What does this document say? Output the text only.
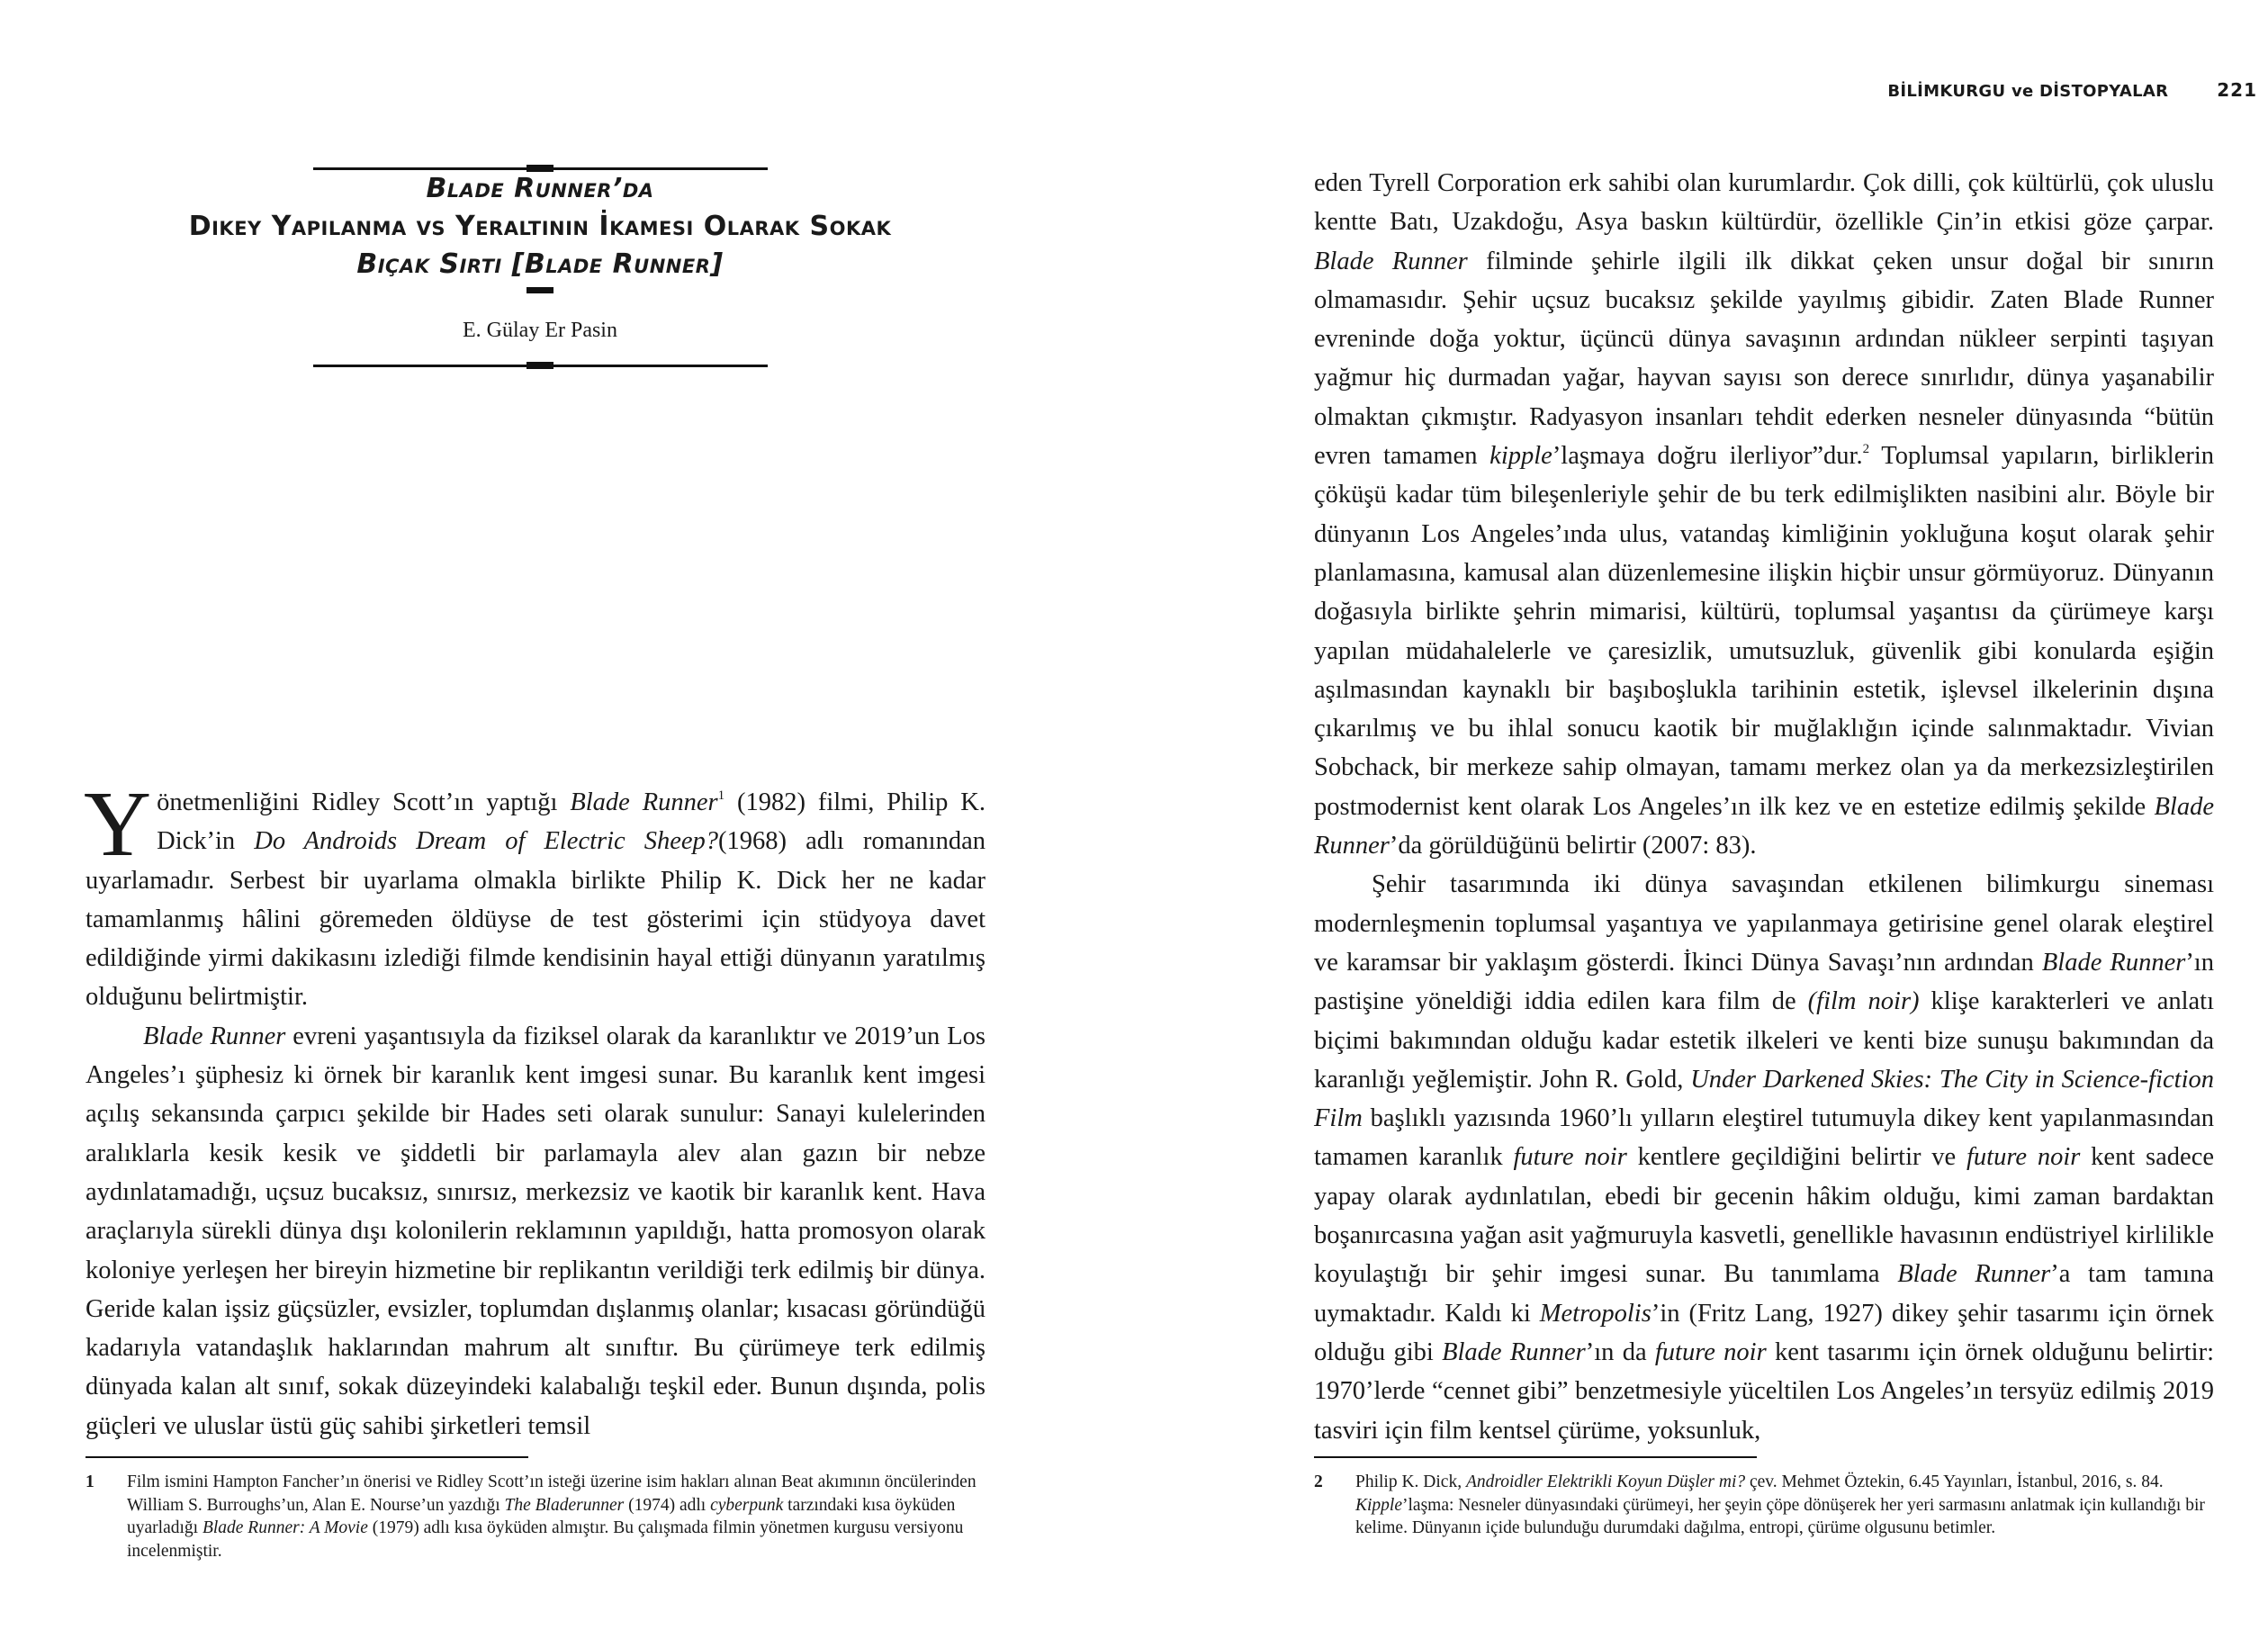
Blade Runner’da
Dikey Yapılanma vs Yeraltının İkamesi Olarak Sokak
Bıçak Sırtı [Blade Runner]
E. Gülay Er Pasin

Yönetmenliğini Ridley Scott’ın yaptığı Blade Runner$^1$ (1982) filmi, Philip K. Dick’in Do Androids Dream of Electric Sheep?(1968) adlı romanından uyarlamadır. Serbest bir uyarlama olmakla birlikte Philip K. Dick her ne kadar tamamlanmış hâlini göremeden öldüyse de test gösterimi için stüdyoya davet edildiğinde yirmi dakikasını izlediği filmde kendisinin hayal ettiği dünyanın yaratılmış olduğunu belirtmiştir.

Blade Runner evreni yaşantısıyla da fiziksel olarak da karanlıktır ve 2019’un Los Angeles’ı şüphesiz ki örnek bir karanlık kent imgesi sunar. Bu karanlık kent imgesi açılış sekansında çarpıcı şekilde bir Hades seti olarak sunulur: Sanayi kulelerinden aralıklarla kesik kesik ve şiddetli bir parlamayla alev alan gazın bir nebze aydınlatamadığı, uçsuz bucaksız, sınırsız, merkezsiz ve kaotik bir karanlık kent. Hava araçlarıyla sürekli dünya dışı kolonilerin reklamının yapıldığı, hatta promosyon olarak koloniye yerleşen her bireyin hizmetine bir replikantın verildiği terk edilmiş bir dünya. Geride kalan işsiz güçsüzler, evsizler, toplumdan dışlanmış olanlar; kısacası göründüğü kadarıyla vatandaşlık haklarından mahrum alt sınıftır. Bu çürümeye terk edilmiş dünyada kalan alt sınıf, sokak düzeyindeki kalabalığı teşkil eder. Bunun dışında, polis güçleri ve uluslar üstü güç sahibi şirketleri temsil

1	Film ismini Hampton Fancher’ın önerisi ve Ridley Scott’ın isteği üzerine isim hakları alınan Beat akımının öncülerinden William S. Burroughs’un, Alan E. Nourse’un yazdığı The Bladerunner (1974) adlı cyberpunk tarzındaki kısa öyküden uyarladığı Blade Runner: A Movie (1979) adlı kısa öyküden almıştır. Bu çalışmada filmin yönetmen kurgusu versiyonu incelenmiştir.
BİLİMKURGU ve DİSTOPYALAR	221

eden Tyrell Corporation erk sahibi olan kurumlardır. Çok dilli, çok kültürlü, çok uluslu kentte Batı, Uzakdoğu, Asya baskın kültürdür, özellikle Çin’in etkisi göze çarpar. Blade Runner filminde şehirle ilgili ilk dikkat çeken unsur doğal bir sınırın olmamasıdır. Şehir uçsuz bucaksız şekilde yayılmış gibidir. Zaten Blade Runner evreninde doğa yoktur, üçüncü dünya savaşının ardından nükleer serpinti taşıyan yağmur hiç durmadan yağar, hayvan sayısı son derece sınırlıdır, dünya yaşanabilir olmaktan çıkmıştır. Radyasyon insanları tehdit ederken nesneler dünyasında “bütün evren tamamen kipple’laşmaya doğru ilerliyor”dur.$^2$ Toplumsal yapıların, birliklerin çöküşü kadar tüm bileşenleriyle şehir de bu terk edilmişlikten nasibini alır. Böyle bir dünyanın Los Angeles’ında ulus, vatandaş kimliğinin yokluğuna koşut olarak şehir planlamasına, kamusal alan düzenlemesine ilişkin hiçbir unsur görmüyoruz. Dünyanın doğasıyla birlikte şehrin mimarisi, kültürü, toplumsal yaşantısı da çürümeye karşı yapılan müdahalelerle ve çaresizlik, umutsuzluk, güvenlik gibi konularda eşiğin aşılmasından kaynaklı bir başıboşlukla tarihinin estetik, işlevsel ilkelerinin dışına çıkarılmış ve bu ihlal sonucu kaotik bir muğlaklığın içinde salınmaktadır. Vivian Sobchack, bir merkeze sahip olmayan, tamamı merkez olan ya da merkezsizleştirilen postmodernist kent olarak Los Angeles’ın ilk kez ve en estetize edilmiş şekilde Blade Runner’da görüldüğünü belirtir (2007: 83).

Şehir tasarımında iki dünya savaşından etkilenen bilimkurgu sineması modernleşmenin toplumsal yaşantıya ve yapılanmaya getirisine genel olarak eleştirel ve karamsar bir yaklaşım gösterdi. İkinci Dünya Savaşı’nın ardından Blade Runner’ın pastişine yöneldiği iddia edilen kara film de (film noir) klişe karakterleri ve anlatı biçimi bakımından olduğu kadar estetik ilkeleri ve kenti bize sunuşu bakımından da karanlığı yeğlemiştir. John R. Gold, Under Darkened Skies: The City in Science-fiction Film başlıklı yazısında 1960’lı yılların eleştirel tutumuyla dikey kent yapılanmasından tamamen karanlık future noir kentlere geçildiğini belirtir ve future noir kent sadece yapay olarak aydınlatılan, ebedi bir gecenin hâkim olduğu, kimi zaman bardaktan boşanırcasına yağan asit yağmuruyla kasvetli, genellikle havasının endüstriyel kirlilikle koyulaştığı bir şehir imgesi sunar. Bu tanımlama Blade Runner’a tam tamına uymaktadır. Kaldı ki Metropolis’in (Fritz Lang, 1927) dikey şehir tasarımı için örnek olduğu gibi Blade Runner’ın da future noir kent tasarımı için örnek olduğunu belirtir: 1970’lerde “cennet gibi” benzetmesiyle yüceltilen Los Angeles’ın tersyüz edilmiş 2019 tasviri için film kentsel çürüme, yoksunluk,

2	Philip K. Dick, Androidler Elektrikli Koyun Düşler mi? çev. Mehmet Öztekin, 6.45 Yayınları, İstanbul, 2016, s. 84. Kipple’laşma: Nesneler dünyasındaki çürümeyi, her şeyin çöpe dönüşerek her yeri sarmasını anlatmak için kullandığı bir kelime. Dünyanın içide bulunduğu durumdaki dağılma, entropi, çürüme olgusunu betimler.
